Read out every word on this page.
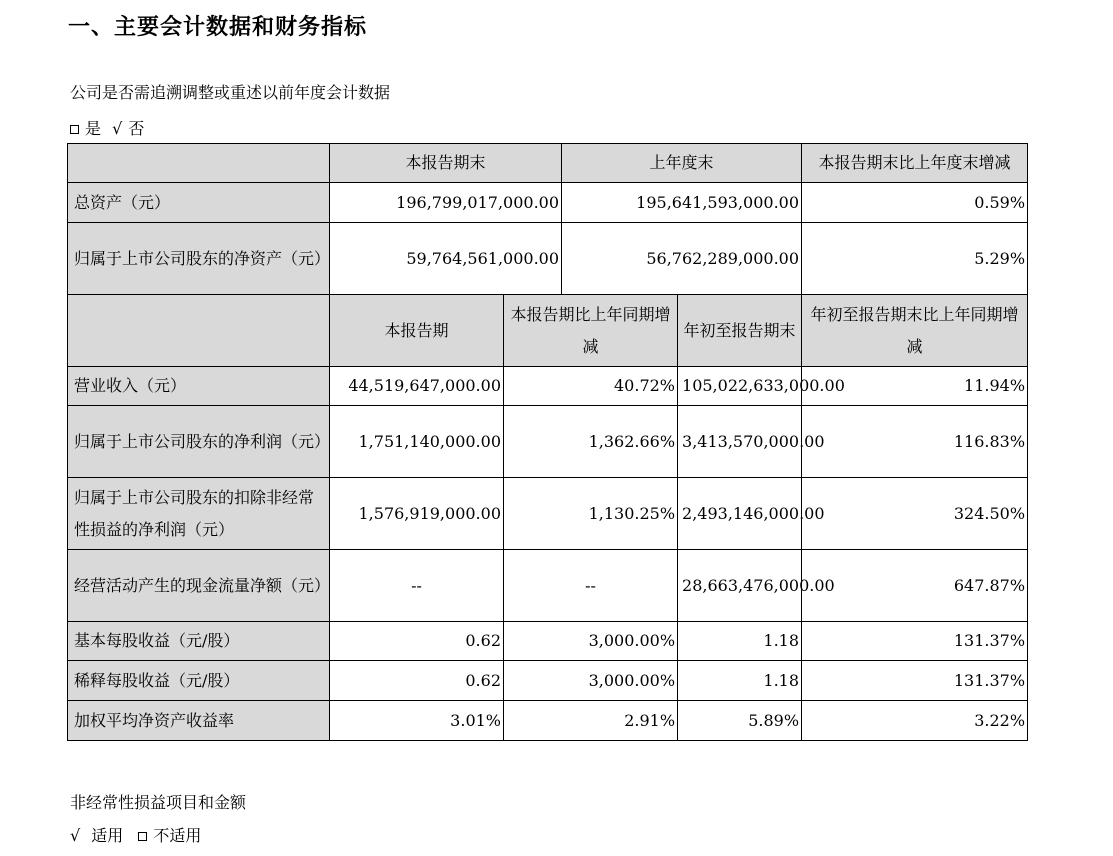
一、主要会计数据和财务指标
公司是否需追溯调整或重述以前年度会计数据
是 √ 否
	本报告期末		上年度末		本报告期末比上年度末增减
总资产（元）	196,799,017,000.00		195,641,593,000.00		0.59%
归属于上市公司股东的净资产（元）	59,764,561,000.00		56,762,289,000.00		5.29%
	本报告期	本报告期比上年同期增减		年初至报告期末	年初至报告期末比上年同期增减
营业收入（元）	44,519,647,000.00	40.72%		105,022,633,000.00	11.94%
归属于上市公司股东的净利润（元）	1,751,140,000.00	1,362.66%		3,413,570,000.00	116.83%
归属于上市公司股东的扣除非经常性损益的净利润（元）	1,576,919,000.00	1,130.25%		2,493,146,000.00	324.50%
经营活动产生的现金流量净额（元）	--	--		28,663,476,000.00	647.87%
基本每股收益（元/股）	0.62	3,000.00%		1.18	131.37%
稀释每股收益（元/股）	0.62	3,000.00%		1.18	131.37%
加权平均净资产收益率	3.01%	2.91%		5.89%	3.22%
非经常性损益项目和金额
√ 适用 不适用
